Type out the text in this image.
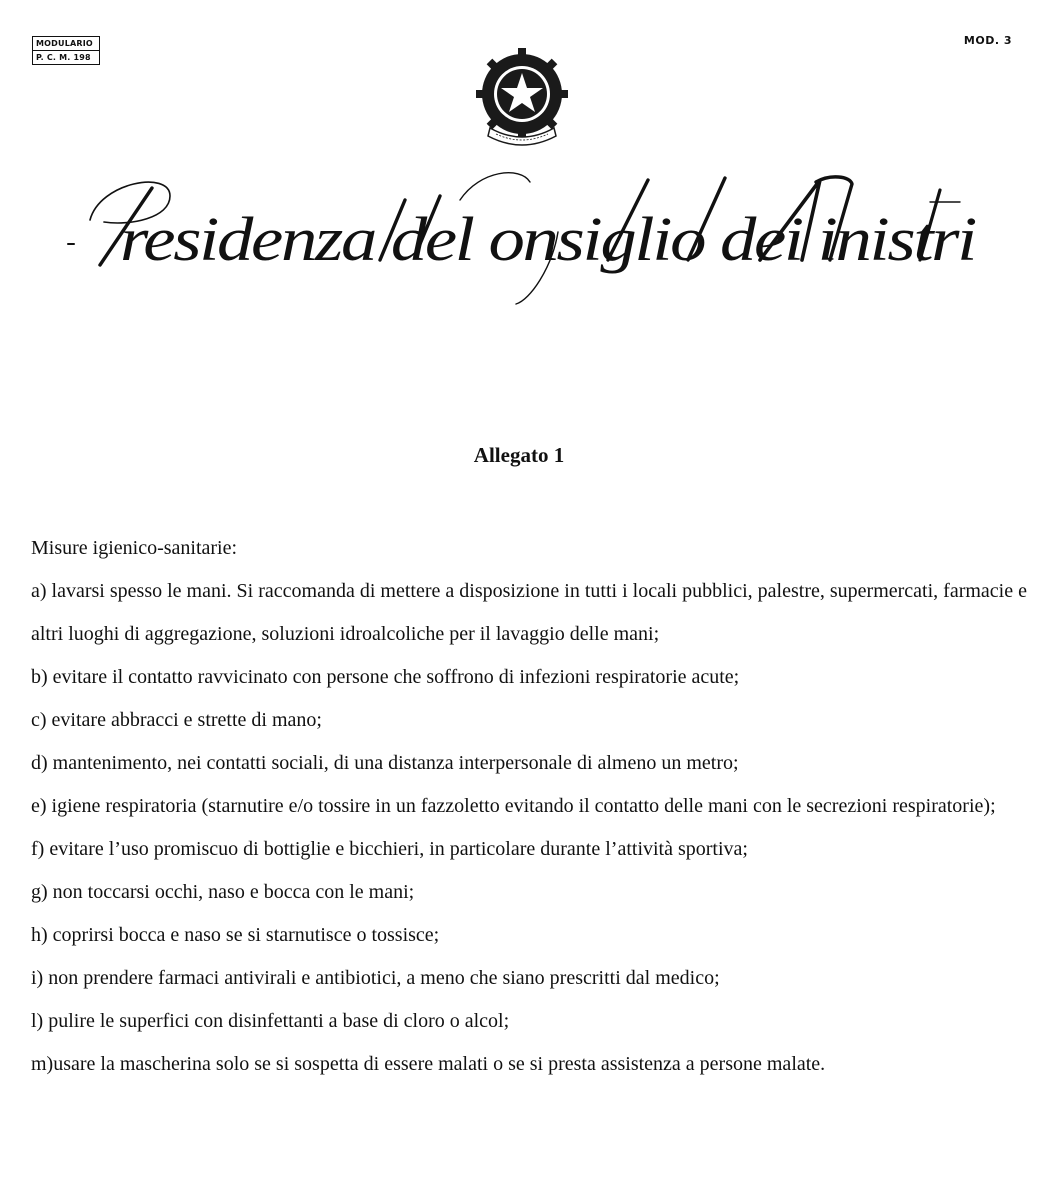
MODULARIO
P. C. M. 198
MOD. 3
residenza del onsiglio dei inistri
Allegato 1

Misure igienico-sanitarie:

a) lavarsi spesso le mani. Si raccomanda di mettere a disposizione in tutti i locali pubblici, palestre, supermercati, farmacie e altri luoghi di aggregazione, soluzioni idroalcoliche per il lavaggio delle mani;

b) evitare il contatto ravvicinato con persone che soffrono di infezioni respiratorie acute;

c) evitare abbracci e strette di mano;

d) mantenimento, nei contatti sociali, di una distanza interpersonale di almeno un metro;

e) igiene respiratoria (starnutire e/o tossire in un fazzoletto evitando il contatto delle mani con le secrezioni respiratorie);

f) evitare l’uso promiscuo di bottiglie e bicchieri, in particolare durante l’attività sportiva;

g) non toccarsi occhi, naso e bocca con le mani;

h) coprirsi bocca e naso se si starnutisce o tossisce;

i) non prendere farmaci antivirali e antibiotici, a meno che siano prescritti dal medico;

l) pulire le superfici con disinfettanti a base di cloro o alcol;

m)usare la mascherina solo se si sospetta di essere malati o se si presta assistenza a persone malate.
